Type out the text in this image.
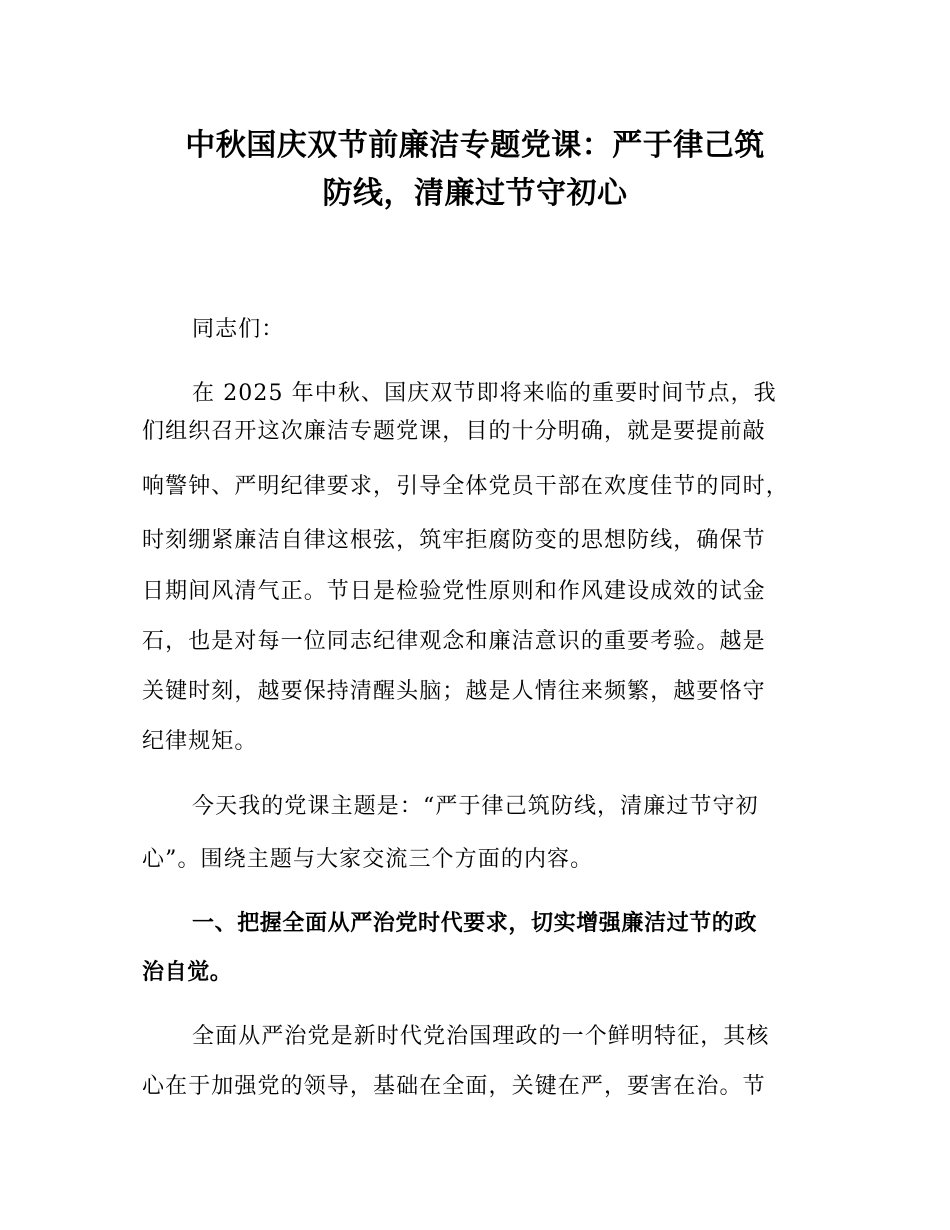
中秋国庆双节前廉洁专题党课：严于律己筑
防线，清廉过节守初心
同志们：
在 2025 年中秋、国庆双节即将来临的重要时间节点，我
们组织召开这次廉洁专题党课，目的十分明确，就是要提前敲
响警钟、严明纪律要求，引导全体党员干部在欢度佳节的同时，
时刻绷紧廉洁自律这根弦，筑牢拒腐防变的思想防线，确保节
日期间风清气正。节日是检验党性原则和作风建设成效的试金
石，也是对每一位同志纪律观念和廉洁意识的重要考验。越是
关键时刻，越要保持清醒头脑；越是人情往来频繁，越要恪守
纪律规矩。
今天我的党课主题是：“严于律己筑防线，清廉过节守初
心”。围绕主题与大家交流三个方面的内容。
一、把握全面从严治党时代要求，切实增强廉洁过节的政
治自觉。
全面从严治党是新时代党治国理政的一个鲜明特征，其核
心在于加强党的领导，基础在全面，关键在严，要害在治。节
